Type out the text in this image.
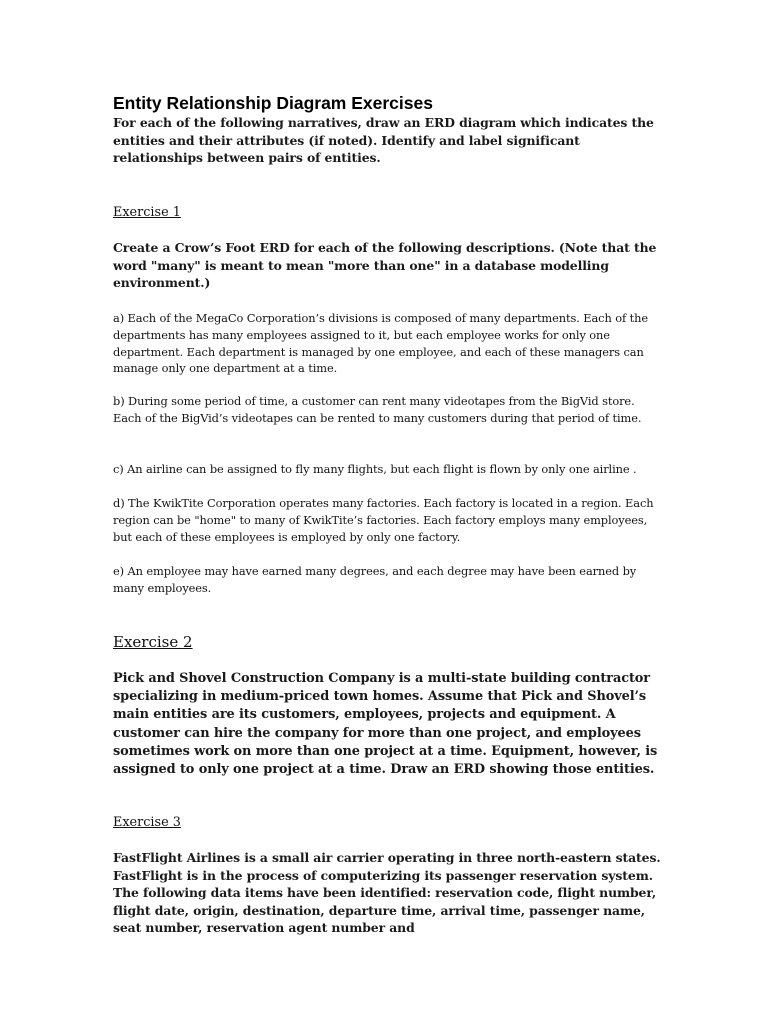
Entity Relationship Diagram Exercises

For each of the following narratives, draw an ERD diagram which indicates the entities and their attributes (if noted). Identify and label significant relationships between pairs of entities.

Exercise 1

Create a Crow’s Foot ERD for each of the following descriptions. (Note that the word "many" is meant to mean "more than one" in a database modelling environment.)

a) Each of the MegaCo Corporation’s divisions is composed of many departments. Each of the departments has many employees assigned to it, but each employee works for only one department. Each department is managed by one employee, and each of these managers can manage only one department at a time.

b) During some period of time, a customer can rent many videotapes from the BigVid store. Each of the BigVid’s videotapes can be rented to many customers during that period of time.

c) An airline can be assigned to fly many flights, but each flight is flown by only one airline .

d) The KwikTite Corporation operates many factories. Each factory is located in a region. Each region can be "home" to many of KwikTite’s factories. Each factory employs many employees, but each of these employees is employed by only one factory.

e) An employee may have earned many degrees, and each degree may have been earned by many employees.

Exercise 2

Pick and Shovel Construction Company is a multi-state building contractor specializing in medium-priced town homes. Assume that Pick and Shovel’s main entities are its customers, employees, projects and equipment. A customer can hire the company for more than one project, and employees sometimes work on more than one project at a time. Equipment, however, is assigned to only one project at a time. Draw an ERD showing those entities.

Exercise 3

FastFlight Airlines is a small air carrier operating in three north-eastern states. FastFlight is in the process of computerizing its passenger reservation system. The following data items have been identified: reservation code, flight number, flight date, origin, destination, departure time, arrival time, passenger name, seat number, reservation agent number and
